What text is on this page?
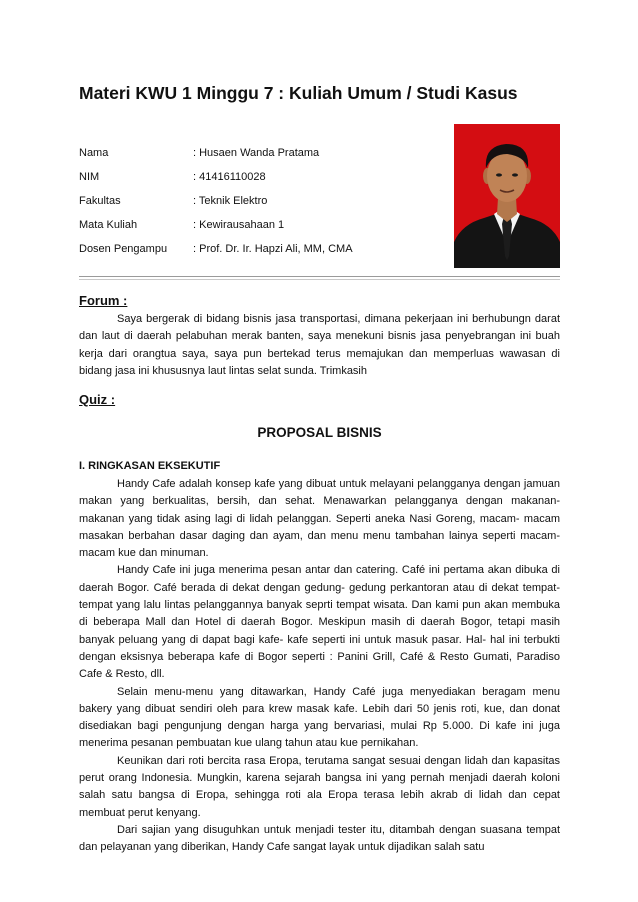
Materi KWU 1 Minggu 7 : Kuliah Umum / Studi Kasus
Nama	: Husaen Wanda Pratama
NIM	: 41416110028
Fakultas	: Teknik Elektro
Mata Kuliah	: Kewirausahaan 1
Dosen Pengampu : Prof. Dr. Ir. Hapzi Ali, MM, CMA
Forum :
Saya bergerak di bidang bisnis jasa transportasi, dimana pekerjaan ini berhubungn darat dan laut di daerah pelabuhan merak banten, saya menekuni bisnis jasa penyebrangan ini buah kerja dari orangtua saya, saya pun bertekad terus memajukan dan memperluas wawasan di bidang jasa ini khususnya laut lintas selat sunda. Trimkasih
Quiz :
PROPOSAL BISNIS
I. RINGKASAN EKSEKUTIF
Handy Cafe adalah konsep kafe yang dibuat untuk melayani pelangganya dengan jamuan makan yang berkualitas, bersih, dan sehat. Menawarkan pelangganya dengan makanan- makanan yang tidak asing lagi di lidah pelanggan. Seperti aneka Nasi Goreng, macam- macam masakan berbahan dasar daging dan ayam, dan menu menu tambahan lainya seperti macam- macam kue dan minuman.
Handy Cafe ini juga menerima pesan antar dan catering. Café ini pertama akan dibuka di daerah Bogor. Café berada di dekat dengan gedung- gedung perkantoran atau di dekat tempat- tempat yang lalu lintas pelanggannya banyak seprti tempat wisata. Dan kami pun akan membuka di beberapa Mall dan Hotel di daerah Bogor. Meskipun masih di daerah Bogor, tetapi masih banyak peluang yang di dapat bagi kafe- kafe seperti ini untuk masuk pasar. Hal- hal ini terbukti dengan eksisnya beberapa kafe di Bogor seperti : Panini Grill, Café & Resto Gumati, Paradiso Cafe & Resto, dll.
Selain menu-menu yang ditawarkan, Handy Café juga menyediakan beragam menu bakery yang dibuat sendiri oleh para krew masak kafe. Lebih dari 50 jenis roti, kue, dan donat disediakan bagi pengunjung dengan harga yang bervariasi, mulai Rp 5.000. Di kafe ini juga menerima pesanan pembuatan kue ulang tahun atau kue pernikahan.
Keunikan dari roti bercita rasa Eropa, terutama sangat sesuai dengan lidah dan kapasitas perut orang Indonesia. Mungkin, karena sejarah bangsa ini yang pernah menjadi daerah koloni salah satu bangsa di Eropa, sehingga roti ala Eropa terasa lebih akrab di lidah dan cepat membuat perut kenyang.
Dari sajian yang disuguhkan untuk menjadi tester itu, ditambah dengan suasana tempat dan pelayanan yang diberikan, Handy Cafe sangat layak untuk dijadikan salah satu
